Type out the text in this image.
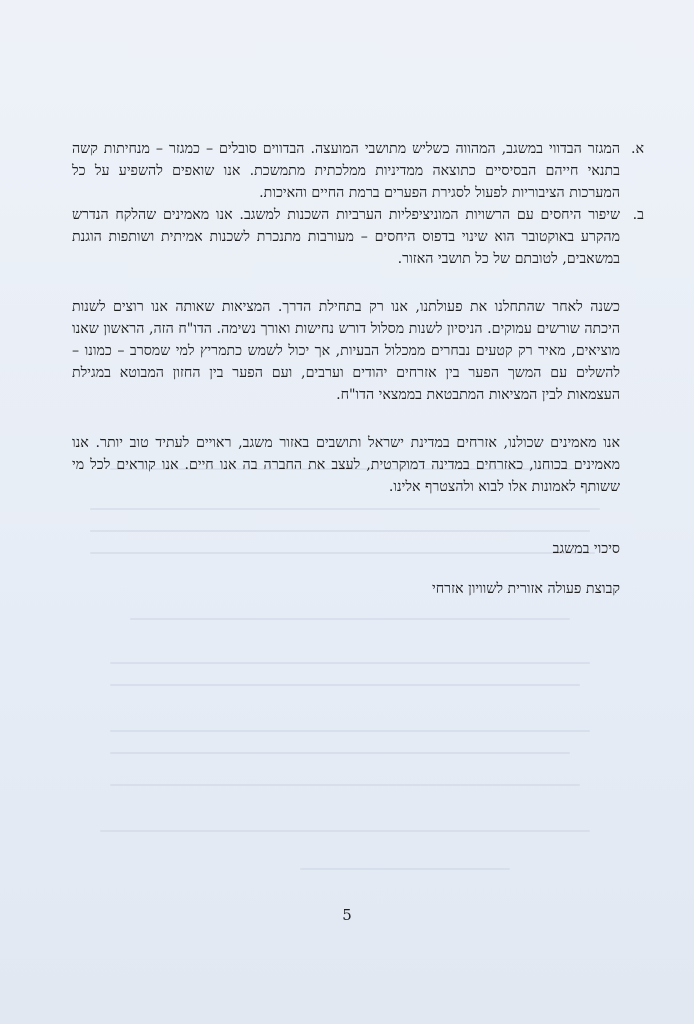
א.
המגזר הבדווי במשגב, המהווה כשליש מתושבי המועצה. הבדווים סובלים – כמגזר – מנחיתות קשה בתנאי חייהם הבסיסיים כתוצאה ממדיניות ממלכתית מתמשכת. אנו שואפים להשפיע על כל המערכות הציבוריות לפעול לסגירת הפערים ברמת החיים והאיכות.
ב.
שיפור היחסים עם הרשויות המוניציפליות הערביות השכנות למשגב. אנו מאמינים שהלקח הנדרש מהקרע באוקטובר הוא שינוי בדפוס היחסים – מעורבות מתנכרת לשכנות אמיתית ושותפות הוגנת במשאבים, לטובתם של כל תושבי האזור.

כשנה לאחר שהתחלנו את פעולתנו, אנו רק בתחילת הדרך. המציאות שאותה אנו רוצים לשנות היכתה שורשים עמוקים. הניסיון לשנות מסלול דורש נחישות ואורך נשימה. הדו"ח הזה, הראשון שאנו מוציאים, מאיר רק קטעים נבחרים ממכלול הבעיות, אך יכול לשמש כתמריץ למי שמסרב – כמונו – להשלים עם המשך הפער בין אזרחים יהודים וערבים, ועם הפער בין החזון המבוטא במגילת העצמאות לבין המציאות המתבטאת בממצאי הדו"ח.

אנו מאמינים שכולנו, אזרחים במדינת ישראל ותושבים באזור משגב, ראויים לעתיד טוב יותר. אנו מאמינים בכוחנו, כאזרחים במדינה דמוקרטית, לעצב את החברה בה אנו חיים. אנו קוראים לכל מי ששותף לאמונות אלו לבוא ולהצטרף אלינו.

סיכוי במשגב

קבוצת פעולה אזורית לשוויון אזרחי

5
